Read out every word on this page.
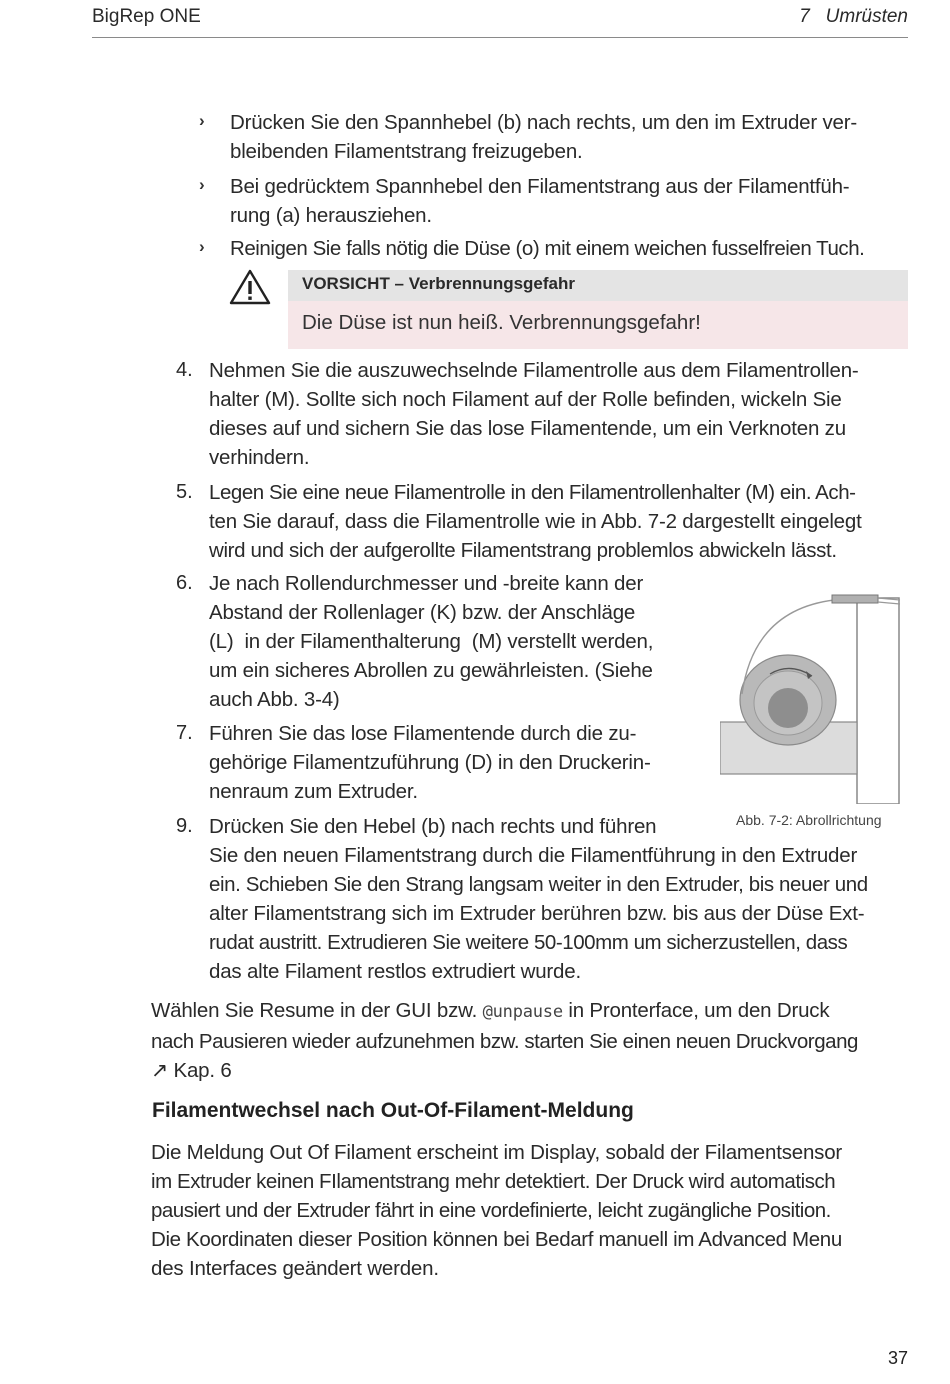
BigRep ONE	7 Umrüsten
› Drücken Sie den Spannhebel (b) nach rechts, um den im Extruder ver-
bleibenden Filamentstrang freizugeben.
› Bei gedrücktem Spannhebel den Filamentstrang aus der Filamentfüh-
rung (a) herausziehen.
› Reinigen Sie falls nötig die Düse (o) mit einem weichen fusselfreien Tuch.
VORSICHT – Verbrennungsgefahr
Die Düse ist nun heiß. Verbrennungsgefahr!
4. Nehmen Sie die auszuwechselnde Filamentrolle aus dem Filamentrollen-
halter (M). Sollte sich noch Filament auf der Rolle befinden, wickeln Sie
dieses auf und sichern Sie das lose Filamentende, um ein Verknoten zu
verhindern.
5. Legen Sie eine neue Filamentrolle in den Filamentrollenhalter (M) ein. Ach-
ten Sie darauf, dass die Filamentrolle wie in Abb. 7-2 dargestellt eingelegt
wird und sich der aufgerollte Filamentstrang problemlos abwickeln lässt.
6. Je nach Rollendurchmesser und -breite kann der
Abstand der Rollenlager (K) bzw. der Anschläge
(L)  in der Filamenthalterung  (M) verstellt werden,
um ein sicheres Abrollen zu gewährleisten. (Siehe
auch Abb. 3-4)
7. Führen Sie das lose Filamentende durch die zu-
gehörige Filamentzuführung (D) in den Druckerin-
nenraum zum Extruder.
Abb. 7-2: Abrollrichtung
9. Drücken Sie den Hebel (b) nach rechts und führen
Sie den neuen Filamentstrang durch die Filamentführung in den Extruder
ein. Schieben Sie den Strang langsam weiter in den Extruder, bis neuer und
alter Filamentstrang sich im Extruder berühren bzw. bis aus der Düse Ext-
rudat austritt. Extrudieren Sie weitere 50-100mm um sicherzustellen, dass
das alte Filament restlos extrudiert wurde.
Wählen Sie Resume in der GUI bzw. @unpause in Pronterface, um den Druck
nach Pausieren wieder aufzunehmen bzw. starten Sie einen neuen Druckvorgang
↗ Kap. 6
Filamentwechsel nach Out-Of-Filament-Meldung
Die Meldung Out Of Filament erscheint im Display, sobald der Filamentsensor
im Extruder keinen FIlamentstrang mehr detektiert. Der Druck wird automatisch
pausiert und der Extruder fährt in eine vordefinierte, leicht zugängliche Position.
Die Koordinaten dieser Position können bei Bedarf manuell im Advanced Menu
des Interfaces geändert werden.
37
